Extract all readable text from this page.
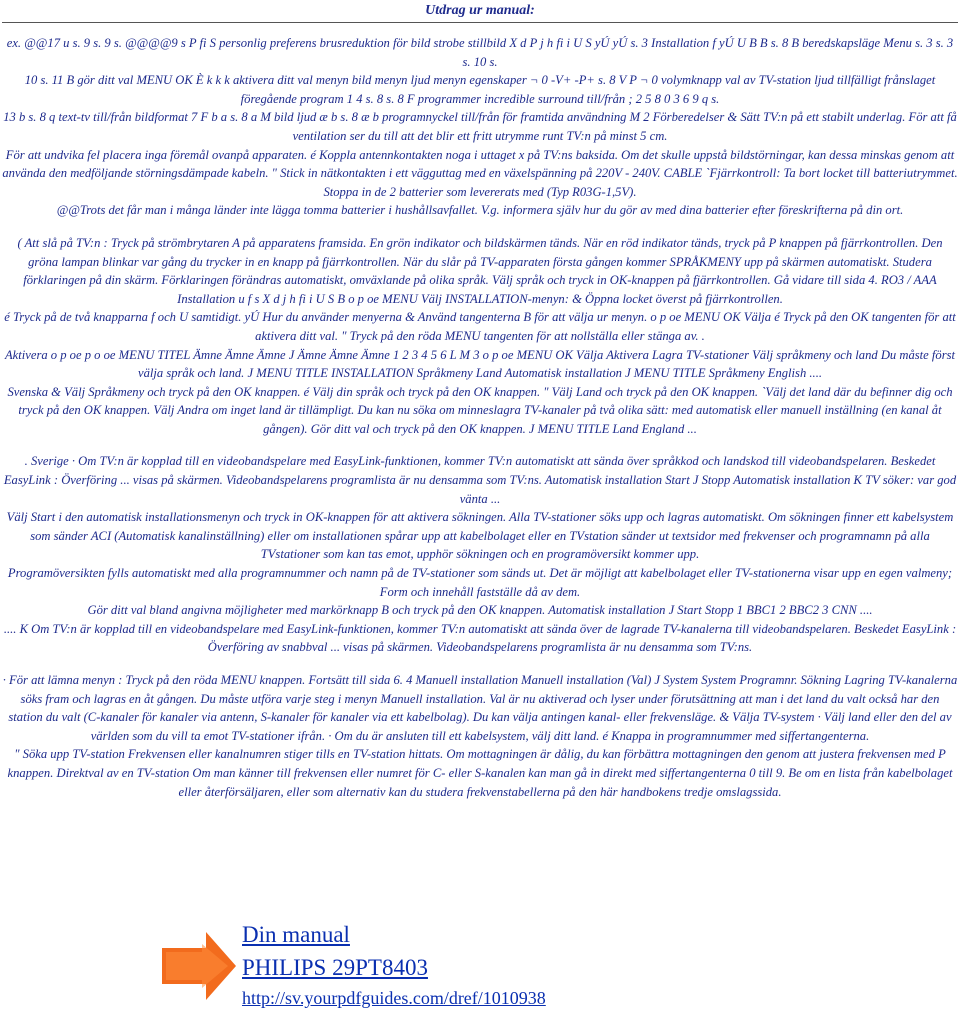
Utdrag ur manual:

ex. @@17 u s. 9 s. 9 s. @@@@9 s P fi S personlig preferens brusreduktion för bild strobe stillbild X d P j h fi i U S yÚ yÚ s. 3 Installation f yÚ U B B s. 8 B beredskapsläge Menu s. 3 s. 3 s. 10 s.

10 s. 11 B gör ditt val MENU OK È k k k aktivera ditt val menyn bild menyn ljud menyn egenskaper ¬ 0 -V+ -P+ s. 8 V P ¬ 0 volymknapp val av TV-station ljud tillfälligt frånslaget föregående program 1 4 s. 8 s. 8 F programmer incredible surround till/från ; 2 5 8 0 3 6 9 q s.

13 b s. 8 q text-tv till/från bildformat 7 F b a s. 8 a M bild ljud æ b s. 8 æ b programnyckel till/från för framtida användning M 2 Förberedelser & Sätt TV:n på ett stabilt underlag. För att få ventilation ser du till att det blir ett fritt utrymme runt TV:n på minst 5 cm.

För att undvika fel placera inga föremål ovanpå apparaten. é Koppla antennkontakten noga i uttaget x på TV:ns baksida. Om det skulle uppstå bildstörningar, kan dessa minskas genom att använda den medföljande störningsdämpade kabeln. " Stick in nätkontakten i ett vägguttag med en växelspänning på 220V - 240V. CABLE `Fjärrkontroll: Ta bort locket till batteriutrymmet. Stoppa in de 2 batterier som levererats med (Typ R03G-1,5V).

@@Trots det får man i många länder inte lägga tomma batterier i hushållsavfallet. V.g. informera själv hur du gör av med dina batterier efter föreskrifterna på din ort.

( Att slå på TV:n : Tryck på strömbrytaren A på apparatens framsida. En grön indikator och bildskärmen tänds. När en röd indikator tänds, tryck på P knappen på fjärrkontrollen. Den gröna lampan blinkar var gång du trycker in en knapp på fjärrkontrollen. När du slår på TV-apparaten första gången kommer SPRÅKMENY upp på skärmen automatiskt. Studera förklaringen på din skärm. Förklaringen förändras automatiskt, omväxlande på olika språk. Välj språk och tryck in OK-knappen på fjärrkontrollen. Gå vidare till sida 4. RO3 / AAA Installation u f s X d j h fi i U S B o p oe MENU Välj INSTALLATION-menyn: & Öppna locket överst på fjärrkontrollen.

é Tryck på de två knapparna f och U samtidigt. yÚ Hur du använder menyerna & Använd tangenterna B för att välja ur menyn. o p oe MENU OK Välja é Tryck på den OK tangenten för att aktivera ditt val. " Tryck på den röda MENU tangenten för att nollställa eller stänga av. .

Aktivera o p oe p o oe MENU TITEL Ämne Ämne Ämne J Ämne Ämne Ämne 1 2 3 4 5 6 L M 3 o p oe MENU OK Välja Aktivera Lagra TV-stationer Välj språkmeny och land Du måste först välja språk och land. J MENU TITLE INSTALLATION Språkmeny Land Automatisk installation J MENU TITLE Språkmeny English ....

Svenska & Välj Språkmeny och tryck på den OK knappen. é Välj din språk och tryck på den OK knappen. " Välj Land och tryck på den OK knappen. `Välj det land där du befinner dig och tryck på den OK knappen. Välj Andra om inget land är tillämpligt. Du kan nu söka om minneslagra TV-kanaler på två olika sätt: med automatisk eller manuell inställning (en kanal åt gången). Gör ditt val och tryck på den OK knappen. J MENU TITLE Land England ...

. Sverige · Om TV:n är kopplad till en videobandspelare med EasyLink-funktionen, kommer TV:n automatiskt att sända över språkkod och landskod till videobandspelaren. Beskedet EasyLink : Överföring ... visas på skärmen. Videobandspelarens programlista är nu densamma som TV:ns. Automatisk installation Start J Stopp Automatisk installation K TV söker: var god vänta ...

Välj Start i den automatisk installationsmenyn och tryck in OK-knappen för att aktivera sökningen. Alla TV-stationer söks upp och lagras automatiskt. Om sökningen finner ett kabelsystem som sänder ACI (Automatisk kanalinställning) eller om installationen spårar upp att kabelbolaget eller en TVstation sänder ut textsidor med frekvenser och programnamn på alla TVstationer som kan tas emot, upphör sökningen och en programöversikt kommer upp.

Programöversikten fylls automatiskt med alla programnummer och namn på de TV-stationer som sänds ut. Det är möjligt att kabelbolaget eller TV-stationerna visar upp en egen valmeny; Form och innehåll fastställe då av dem.

Gör ditt val bland angivna möjligheter med markörknapp B och tryck på den OK knappen. Automatisk installation J Start Stopp 1 BBC1 2 BBC2 3 CNN ....

.... K Om TV:n är kopplad till en videobandspelare med EasyLink-funktionen, kommer TV:n automatiskt att sända över de lagrade TV-kanalerna till videobandspelaren. Beskedet EasyLink : Överföring av snabbval ... visas på skärmen. Videobandspelarens programlista är nu densamma som TV:ns.

· För att lämna menyn : Tryck på den röda MENU knappen. Fortsätt till sida 6. 4 Manuell installation Manuell installation (Val) J System System Programnr. Sökning Lagring TV-kanalerna söks fram och lagras en åt gången. Du måste utföra varje steg i menyn Manuell installation. Val är nu aktiverad och lyser under förutsättning att man i det land du valt också har den station du valt (C-kanaler för kanaler via antenn, S-kanaler för kanaler via ett kabelbolag). Du kan välja antingen kanal- eller frekvensläge. & Välja TV-system · Välj land eller den del av världen som du vill ta emot TV-stationer ifrån. · Om du är ansluten till ett kabelsystem, välj ditt land. é Knappa in programnummer med siffertangenterna.

" Söka upp TV-station Frekvensen eller kanalnumren stiger tills en TV-station hittats. Om mottagningen är dålig, du kan förbättra mottagningen den genom att justera frekvensen med P knappen. Direktval av en TV-station Om man känner till frekvensen eller numret för C- eller S-kanalen kan man gå in direkt med siffertangenterna 0 till 9. Be om en lista från kabelbolaget eller återförsäljaren, eller som alternativ kan du studera frekvenstabellerna på den här handbokens tredje omslagssida.

Din manual
PHILIPS 29PT8403
http://sv.yourpdfguides.com/dref/1010938
